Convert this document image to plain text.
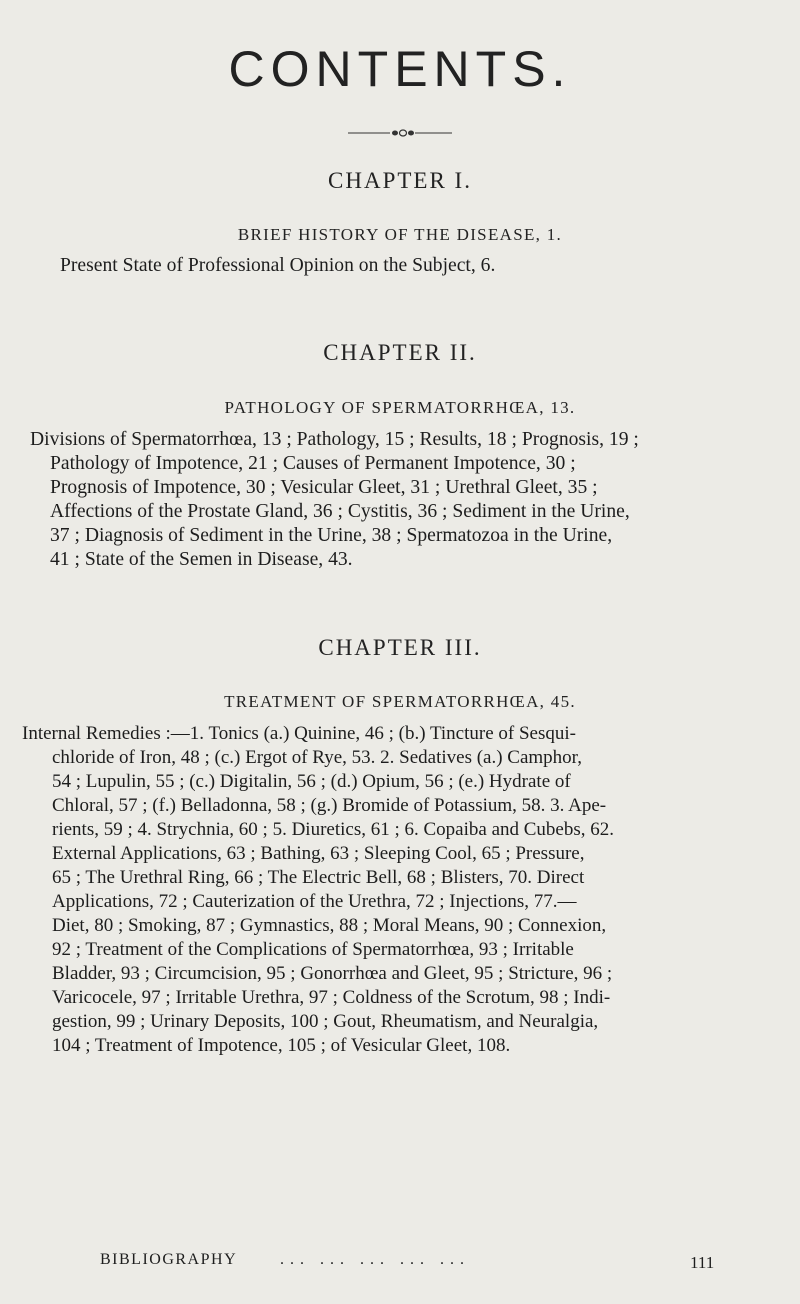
CONTENTS.
CHAPTER I.
BRIEF HISTORY OF THE DISEASE, 1.
Present State of Professional Opinion on the Subject, 6.
CHAPTER II.
PATHOLOGY OF SPERMATORRHŒA, 13.
Divisions of Spermatorrhœa, 13 ; Pathology, 15 ; Results, 18 ; Prognosis, 19 ;
Pathology of Impotence, 21 ; Causes of Permanent Impotence, 30 ;
Prognosis of Impotence, 30 ; Vesicular Gleet, 31 ; Urethral Gleet, 35 ;
Affections of the Prostate Gland, 36 ; Cystitis, 36 ; Sediment in the Urine,
37 ; Diagnosis of Sediment in the Urine, 38 ; Spermatozoa in the Urine,
41 ; State of the Semen in Disease, 43.
CHAPTER III.
TREATMENT OF SPERMATORRHŒA, 45.
Internal Remedies :—1. Tonics (a.) Quinine, 46 ; (b.) Tincture of Sesqui-
chloride of Iron, 48 ; (c.) Ergot of Rye, 53. 2. Sedatives (a.) Camphor,
54 ; Lupulin, 55 ; (c.) Digitalin, 56 ; (d.) Opium, 56 ; (e.) Hydrate of
Chloral, 57 ; (f.) Belladonna, 58 ; (g.) Bromide of Potassium, 58. 3. Ape-
rients, 59 ; 4. Strychnia, 60 ; 5. Diuretics, 61 ; 6. Copaiba and Cubebs, 62.
External Applications, 63 ; Bathing, 63 ; Sleeping Cool, 65 ; Pressure,
65 ; The Urethral Ring, 66 ; The Electric Bell, 68 ; Blisters, 70. Direct
Applications, 72 ; Cauterization of the Urethra, 72 ; Injections, 77.—
Diet, 80 ; Smoking, 87 ; Gymnastics, 88 ; Moral Means, 90 ; Connexion,
92 ; Treatment of the Complications of Spermatorrhœa, 93 ; Irritable
Bladder, 93 ; Circumcision, 95 ; Gonorrhœa and Gleet, 95 ; Stricture, 96 ;
Varicocele, 97 ; Irritable Urethra, 97 ; Coldness of the Scrotum, 98 ; Indi-
gestion, 99 ; Urinary Deposits, 100 ; Gout, Rheumatism, and Neuralgia,
104 ; Treatment of Impotence, 105 ; of Vesicular Gleet, 108.
BIBLIOGRAPHY	... ... ... ... ...	111
